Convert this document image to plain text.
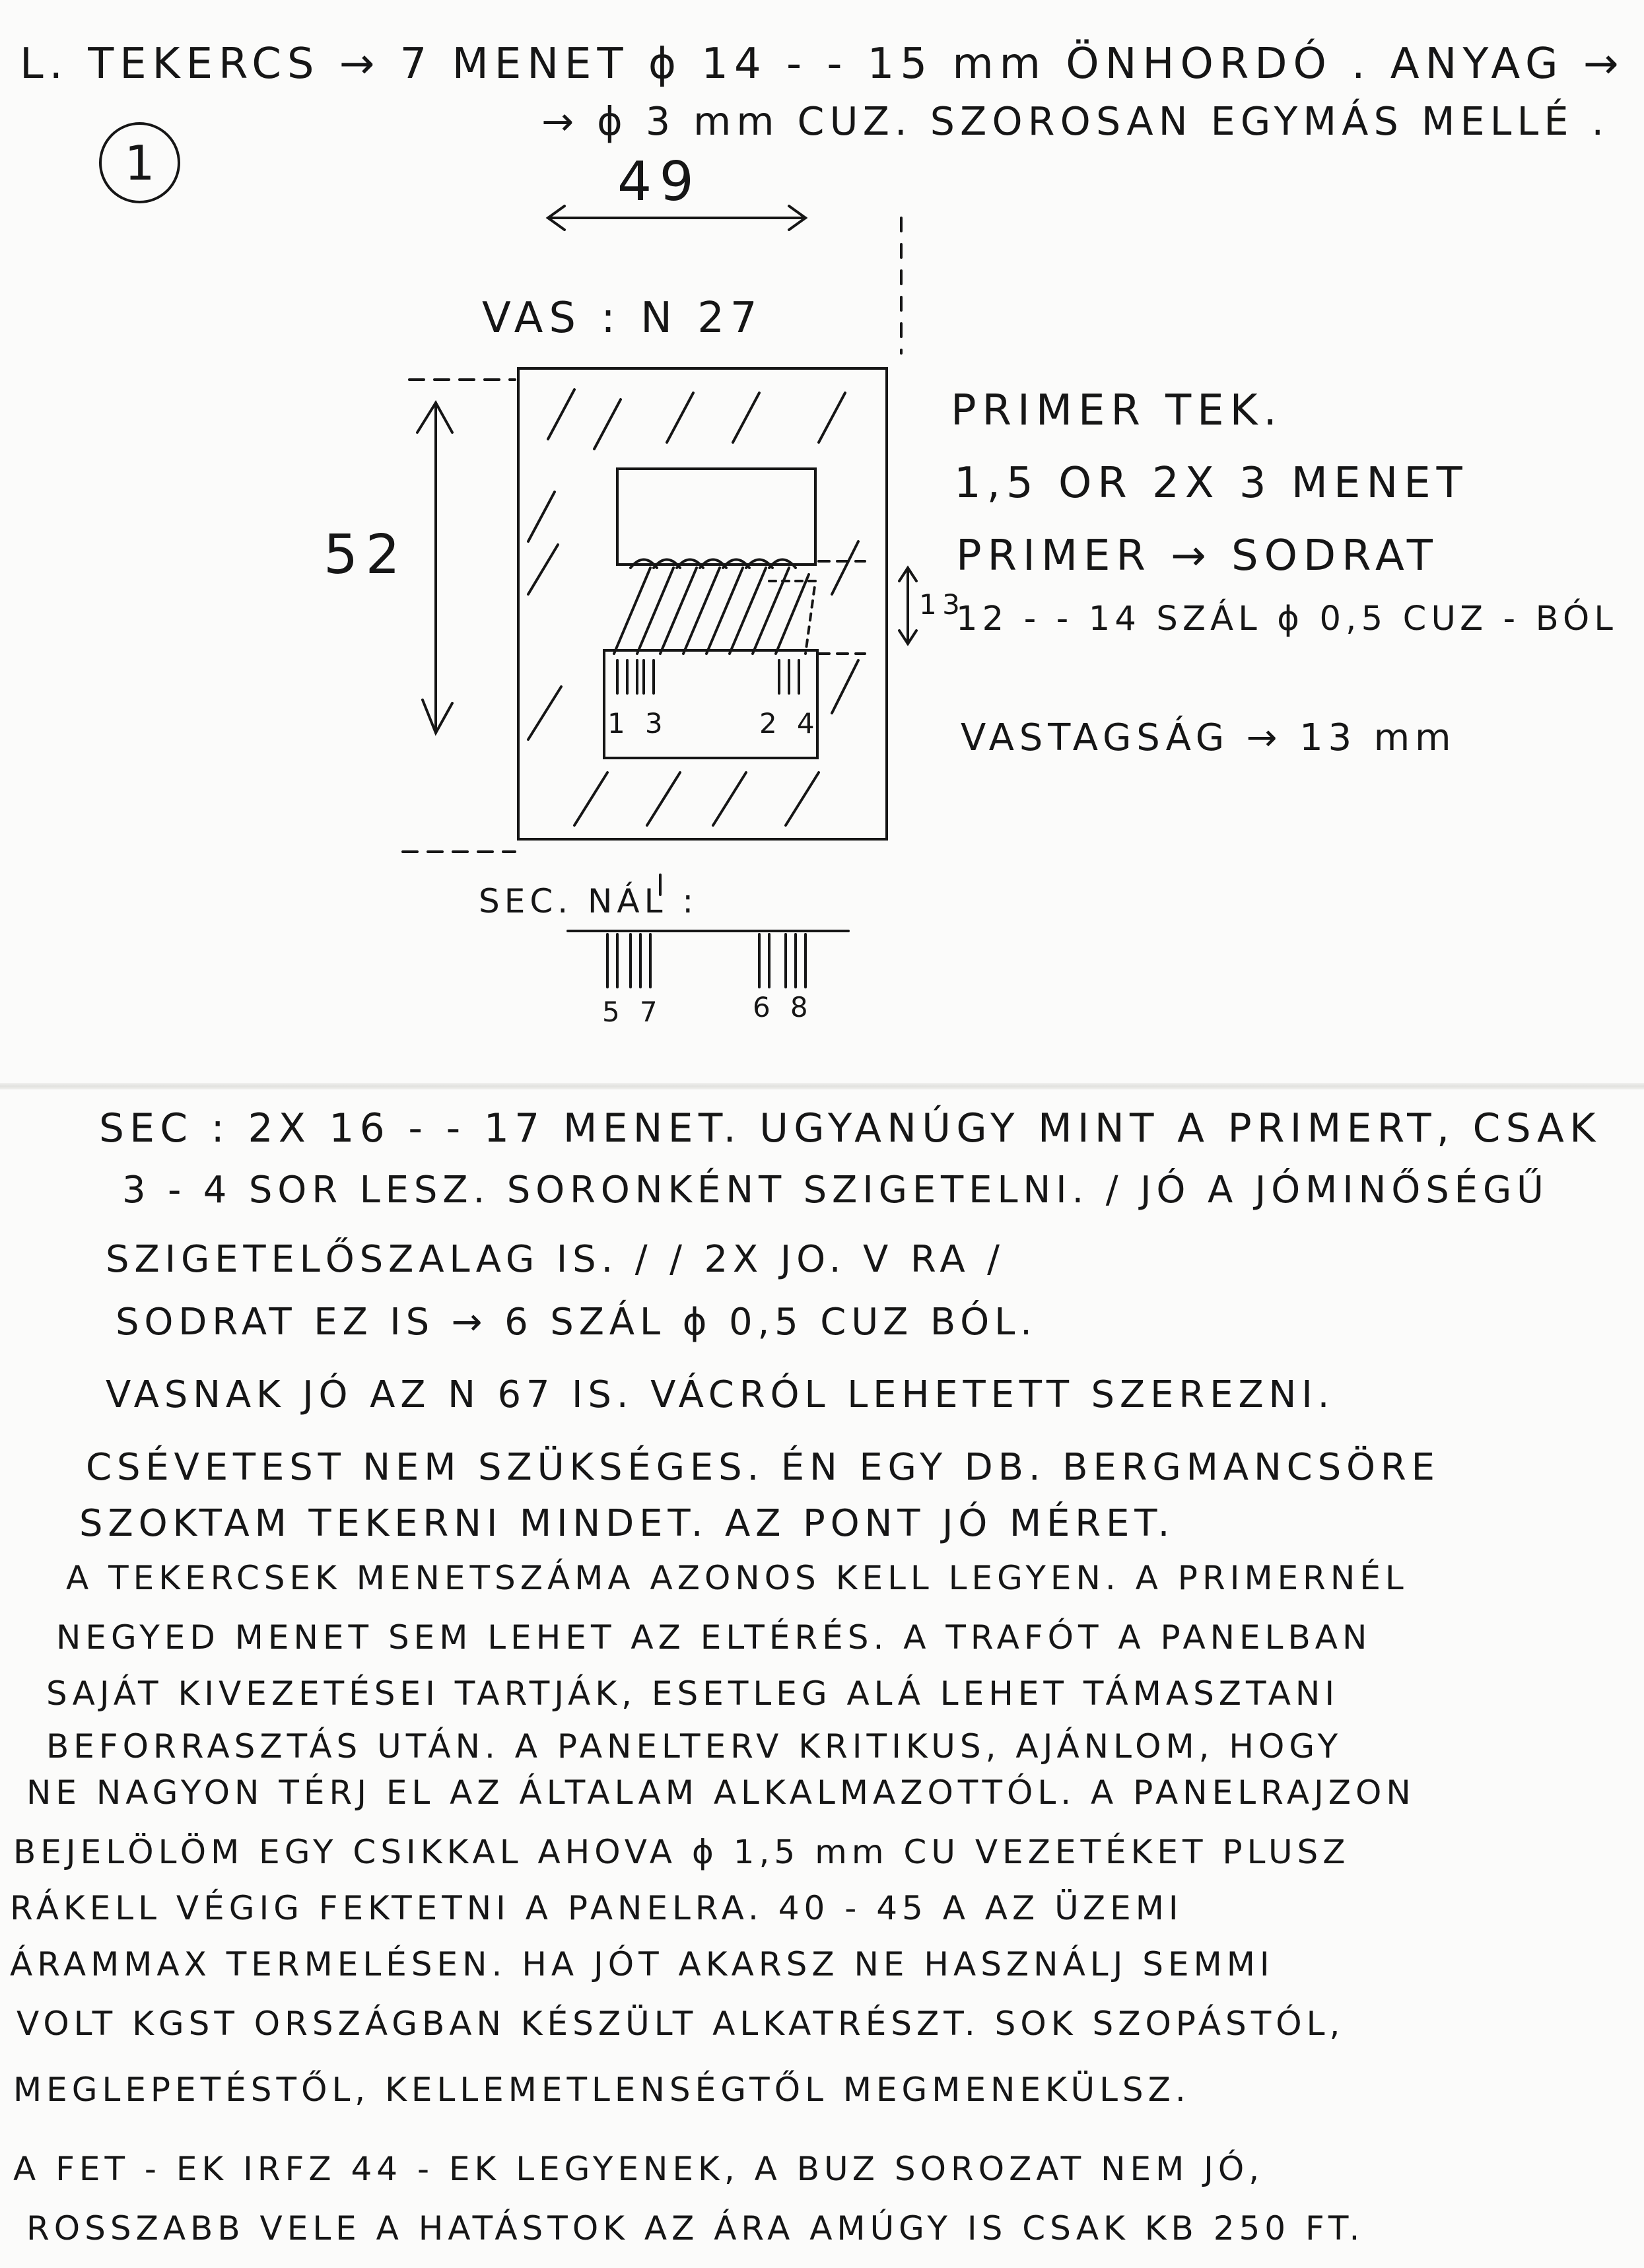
L. TEKERCS → 7 MENET ϕ 14 - - 15 mm ÖNHORDÓ . ANYAG →
→ ϕ 3 mm CUZ. SZOROSAN EGYMÁS MELLÉ .
1	49
VAS : N 27
52
13
1 3	2 4
SEC. NÁL :
5 7	6 8
PRIMER TEK.
1,5 OR 2X 3 MENET
PRIMER → SODRAT
12 - - 14 SZÁL ϕ 0,5 CUZ - BÓL
VASTAGSÁG → 13 mm
SEC : 2X 16 - - 17 MENET. UGYANÚGY MINT A PRIMERT, CSAK
3 - 4 SOR LESZ. SORONKÉNT SZIGETELNI. / JÓ A JÓMINŐSÉGŰ
SZIGETELŐSZALAG IS. / / 2X JO. V RA /
SODRAT EZ IS → 6 SZÁL ϕ 0,5 CUZ BÓL.
VASNAK JÓ AZ N 67 IS. VÁCRÓL LEHETETT SZEREZNI.
CSÉVETEST NEM SZÜKSÉGES. ÉN EGY DB. BERGMANCSÖRE
SZOKTAM TEKERNI MINDET. AZ PONT JÓ MÉRET.
A TEKERCSEK MENETSZÁMA AZONOS KELL LEGYEN. A PRIMERNÉL
NEGYED MENET SEM LEHET AZ ELTÉRÉS. A TRAFÓT A PANELBAN
SAJÁT KIVEZETÉSEI TARTJÁK, ESETLEG ALÁ LEHET TÁMASZTANI
BEFORRASZTÁS UTÁN. A PANELTERV KRITIKUS, AJÁNLOM, HOGY
NE NAGYON TÉRJ EL AZ ÁLTALAM ALKALMAZOTTÓL. A PANELRAJZON
BEJELÖLÖM EGY CSIKKAL AHOVA ϕ 1,5 mm CU VEZETÉKET PLUSZ
RÁKELL VÉGIG FEKTETNI A PANELRA. 40 - 45 A AZ ÜZEMI
ÁRAMMAX TERMELÉSEN. HA JÓT AKARSZ NE HASZNÁLJ SEMMI
VOLT KGST ORSZÁGBAN KÉSZÜLT ALKATRÉSZT. SOK SZOPÁSTÓL,
MEGLEPETÉSTŐL, KELLEMETLENSÉGTŐL MEGMENEKÜLSZ.
A FET - EK IRFZ 44 - EK LEGYENEK, A BUZ SOROZAT NEM JÓ,
ROSSZABB VELE A HATÁSTOK AZ ÁRA AMÚGY IS CSAK KB 250 FT.
